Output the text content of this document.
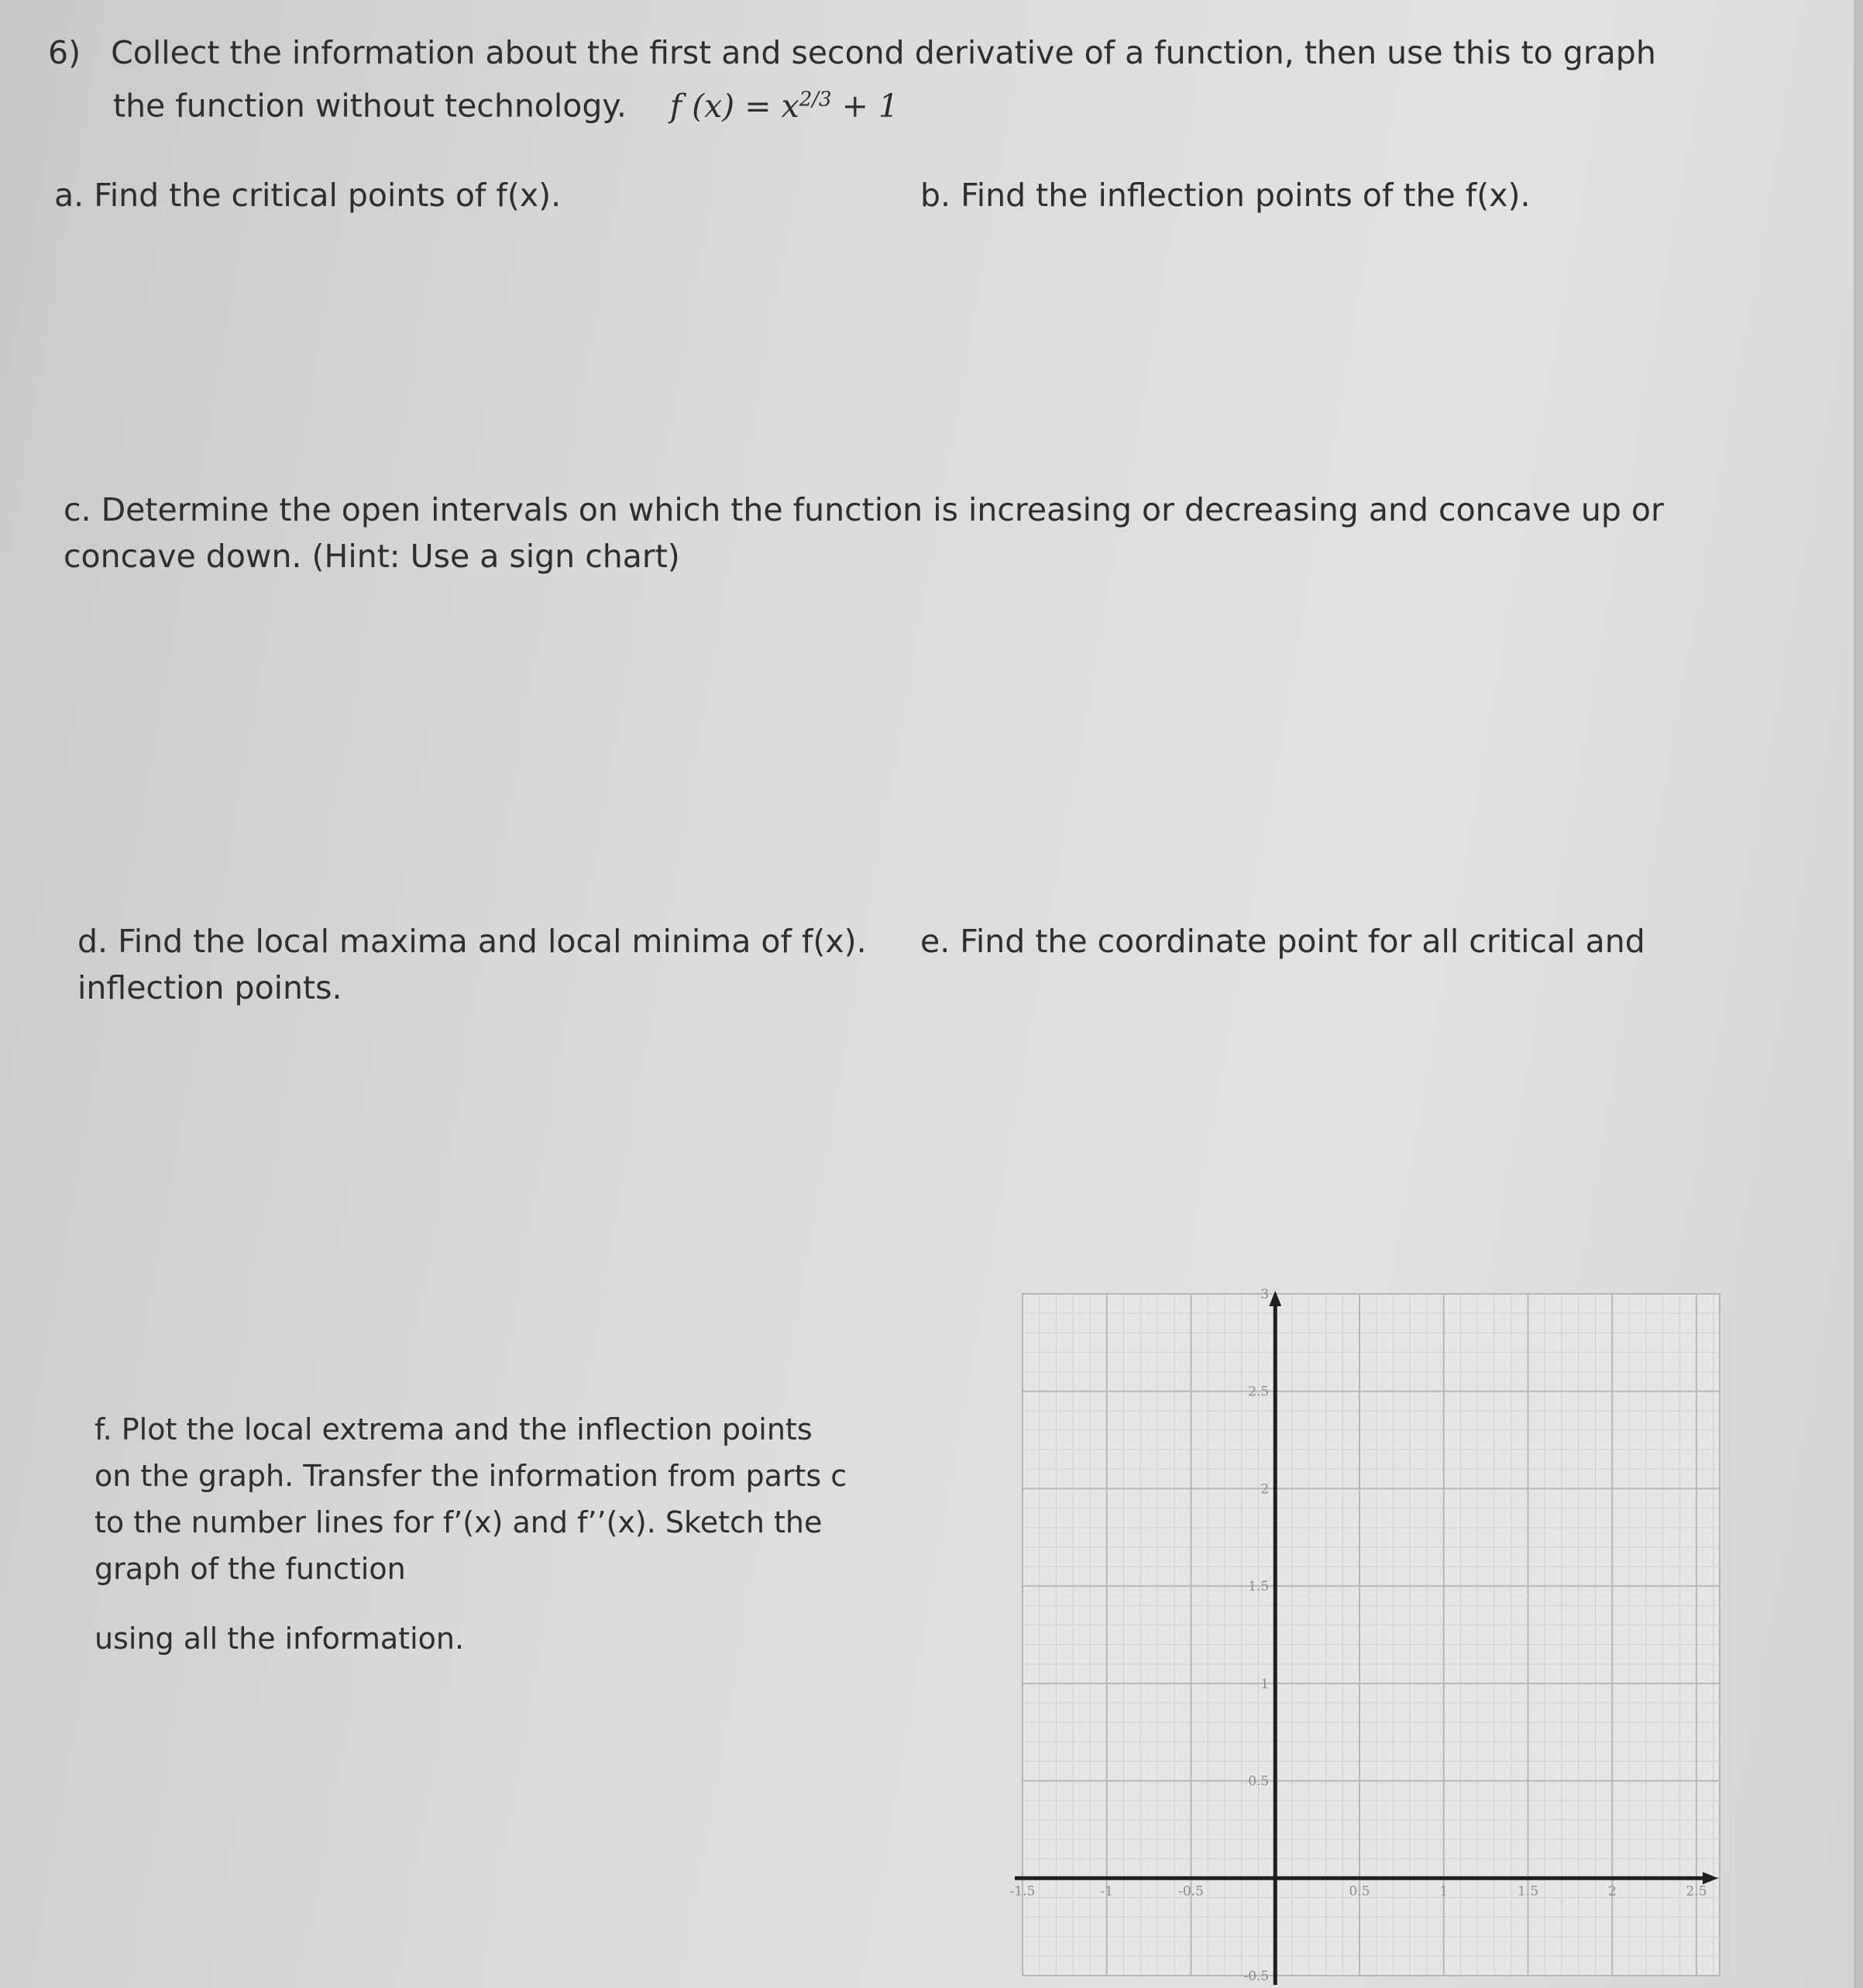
6) Collect the information about the first and second derivative of a function, then use this to graph
the function without technology. f $(x) = x^{2/3} + 1$
a. Find the critical points of f(x).	b. Find the inflection points of the f(x).
c. Determine the open intervals on which the function is increasing or decreasing and concave up or
concave down. (Hint: Use a sign chart)
d. Find the local maxima and local minima of f(x).
inflection points.
e. Find the coordinate point for all critical and
f. Plot the local extrema and the inflection points
on the graph. Transfer the information from parts c
to the number lines for f’(x) and f’’(x). Sketch the
graph of the function
using all the information.
-1.5	-1	-0.5	0.5	1	1.5	2	2.5
-0.5
0.5
1
1.5
2
2.5
3
